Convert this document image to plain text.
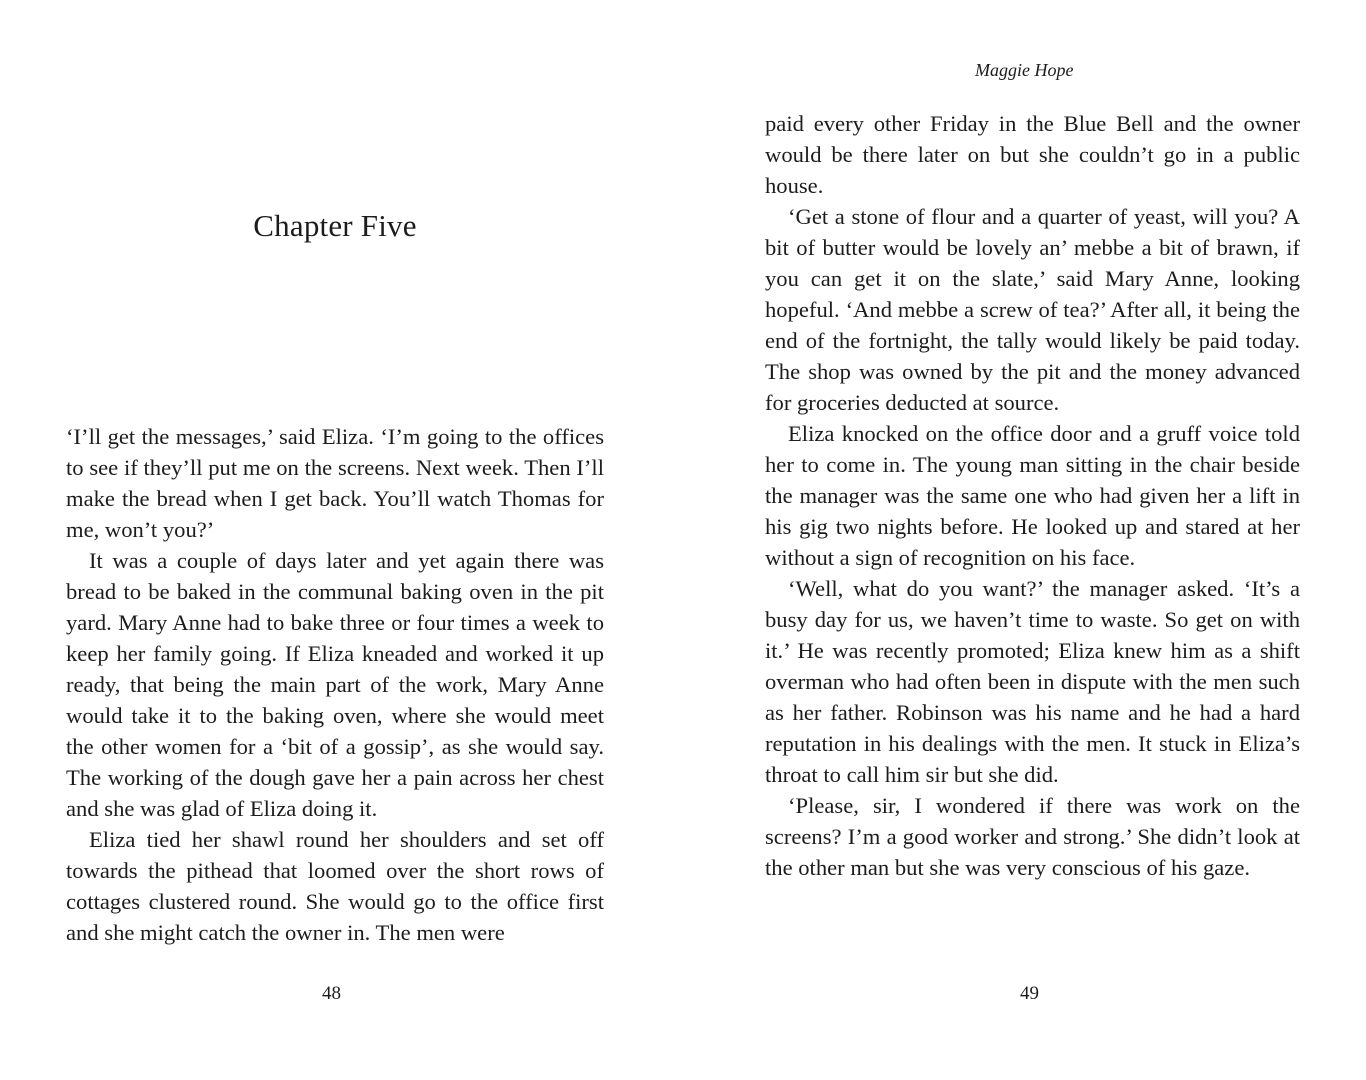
Chapter Five

‘I’ll get the messages,’ said Eliza. ‘I’m going to the offices to see if they’ll put me on the screens. Next week. Then I’ll make the bread when I get back. You’ll watch Thomas for me, won’t you?’

It was a couple of days later and yet again there was bread to be baked in the communal baking oven in the pit yard. Mary Anne had to bake three or four times a week to keep her family going. If Eliza kneaded and worked it up ready, that being the main part of the work, Mary Anne would take it to the baking oven, where she would meet the other women for a ‘bit of a gossip’, as she would say. The working of the dough gave her a pain across her chest and she was glad of Eliza doing it.

Eliza tied her shawl round her shoulders and set off towards the pithead that loomed over the short rows of cottages clustered round. She would go to the office first and she might catch the owner in. The men were

48
Maggie Hope

paid every other Friday in the Blue Bell and the owner would be there later on but she couldn’t go in a public house.

‘Get a stone of flour and a quarter of yeast, will you? A bit of butter would be lovely an’ mebbe a bit of brawn, if you can get it on the slate,’ said Mary Anne, looking hopeful. ‘And mebbe a screw of tea?’ After all, it being the end of the fortnight, the tally would likely be paid today. The shop was owned by the pit and the money advanced for groceries deducted at source.

Eliza knocked on the office door and a gruff voice told her to come in. The young man sitting in the chair beside the manager was the same one who had given her a lift in his gig two nights before. He looked up and stared at her without a sign of recognition on his face.

‘Well, what do you want?’ the manager asked. ‘It’s a busy day for us, we haven’t time to waste. So get on with it.’ He was recently promoted; Eliza knew him as a shift overman who had often been in dispute with the men such as her father. Robinson was his name and he had a hard reputation in his dealings with the men. It stuck in Eliza’s throat to call him sir but she did.

‘Please, sir, I wondered if there was work on the screens? I’m a good worker and strong.’ She didn’t look at the other man but she was very conscious of his gaze.

49
